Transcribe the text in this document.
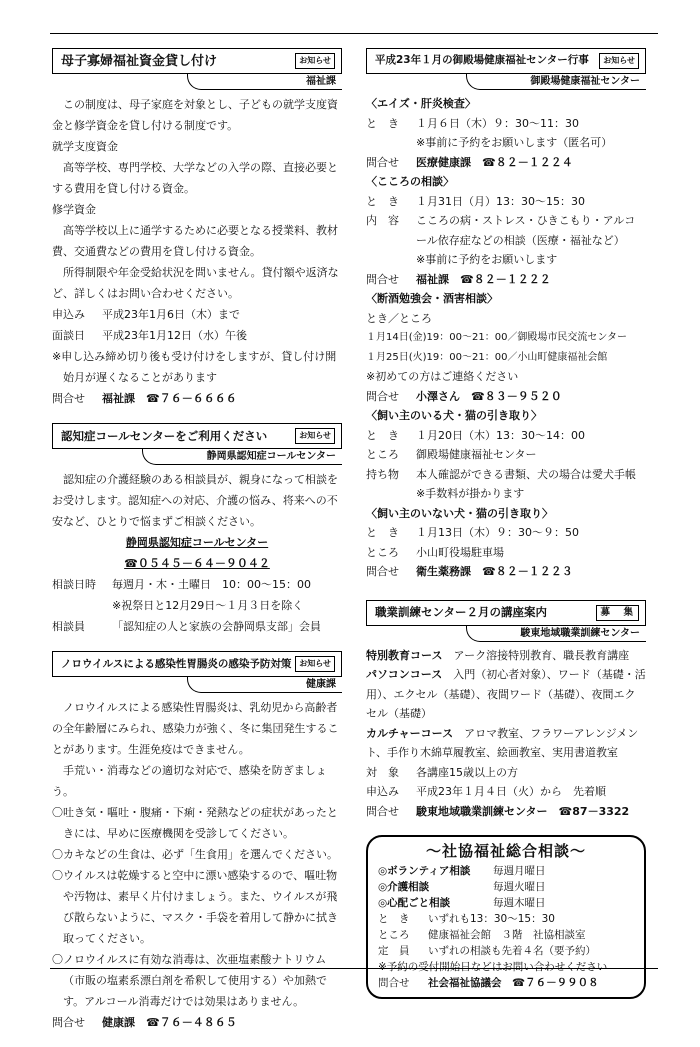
母子寡婦福祉資金貸し付け	お知らせ
福祉課
この制度は、母子家庭を対象とし、子どもの就学支度資金と修学資金を貸し付ける制度です。
就学支度資金
高等学校、専門学校、大学などの入学の際、直接必要とする費用を貸し付ける資金。
修学資金
高等学校以上に通学するために必要となる授業料、教材費、交通費などの費用を貸し付ける資金。
所得制限や年金受給状況を問いません。貸付額や返済など、詳しくはお問い合わせください。
申込み	平成23年1月6日（木）まで
面談日	平成23年1月12日（水）午後
※申し込み締め切り後も受け付けをしますが、貸し付け開始月が遅くなることがあります
問合せ	福祉課　☎７６－６６６６
認知症コールセンターをご利用ください	お知らせ
静岡県認知症コールセンター
認知症の介護経験のある相談員が、親身になって相談をお受けします。認知症への対応、介護の悩み、将来への不安など、ひとりで悩まずご相談ください。
静岡県認知症コールセンター
☎０５４５－６４－９０４２
相談日時	毎週月・木・土曜日　10：00～15：00
※祝祭日と12月29日～１月３日を除く
相談員	「認知症の人と家族の会静岡県支部」会員
ノロウイルスによる感染性胃腸炎の感染予防対策 お知らせ
健康課
ノロウイルスによる感染性胃腸炎は、乳幼児から高齢者の全年齢層にみられ、感染力が強く、冬に集団発生することがあります。生涯免疫はできません。
手荒い・消毒などの適切な対応で、感染を防ぎましょう。
〇吐き気・嘔吐・腹痛・下痢・発熱などの症状があったときには、早めに医療機関を受診してください。
〇カキなどの生食は、必ず「生食用」を選んでください。
〇ウイルスは乾燥すると空中に漂い感染するので、嘔吐物や汚物は、素早く片付けましょう。また、ウイルスが飛び散らないように、マスク・手袋を着用して静かに拭き取ってください。
〇ノロウイルスに有効な消毒は、次亜塩素酸ナトリウム（市販の塩素系漂白剤を希釈して使用する）や加熱です。アルコール消毒だけでは効果はありません。
問合せ	健康課　☎７６－４８６５
平成23年１月の御殿場健康福祉センター行事	お知らせ
御殿場健康福祉センター
〈エイズ・肝炎検査〉
と　き	１月６日（木）９：30～11：30
※事前に予約をお願いします（匿名可）
問合せ	医療健康課　☎８２－１２２４
〈こころの相談〉
と　き	１月31日（月）13：30～15：30
内　容	こころの病・ストレス・ひきこもり・アルコール依存症などの相談（医療・福祉など）
※事前に予約をお願いします
問合せ	福祉課　☎８２－１２２２
〈断酒勉強会・酒害相談〉
とき／ところ
１月14日(金)19：00～21：00／御殿場市民交流センター
１月25日(火)19：00～21：00／小山町健康福祉会館
※初めての方はご連絡ください
問合せ	小澤さん　☎８３－９５２０
〈飼い主のいる犬・猫の引き取り〉
と　き	１月20日（木）13：30～14：00
ところ	御殿場健康福祉センター
持ち物	本人確認ができる書類、犬の場合は愛犬手帳
※手数料が掛かります
〈飼い主のいない犬・猫の引き取り〉
と　き	１月13日（木）９：30～９：50
ところ	小山町役場駐車場
問合せ	衛生薬務課　☎８２－１２２３
職業訓練センター２月の講座案内	募　集
駿東地域職業訓練センター
特別教育コース　 アーク溶接特別教育、職長教育講座
パソコンコース　 入門（初心者対象）、ワード（基礎・活用）、エクセル（基礎）、夜間ワード（基礎）、夜間エクセル（基礎）
カルチャーコース　 アロマ教室、フラワーアレンジメント、手作り木綿草履教室、絵画教室、実用書道教室
対　象	各講座15歳以上の方
申込み	平成23年１月４日（火）から　先着順
問合せ	駿東地域職業訓練センター　☎87－3322
～社協福祉総合相談～
◎ボランティア相談	毎週月曜日
◎介護相談	毎週火曜日
◎心配ごと相談	毎週木曜日
と　き	いずれも13：30～15：30
ところ	健康福祉会館　３階　社協相談室
定　員	いずれの相談も先着４名（要予約）
※予約の受付開始日などはお問い合わせください
問合せ	社会福祉協議会　☎７６－９９０８
